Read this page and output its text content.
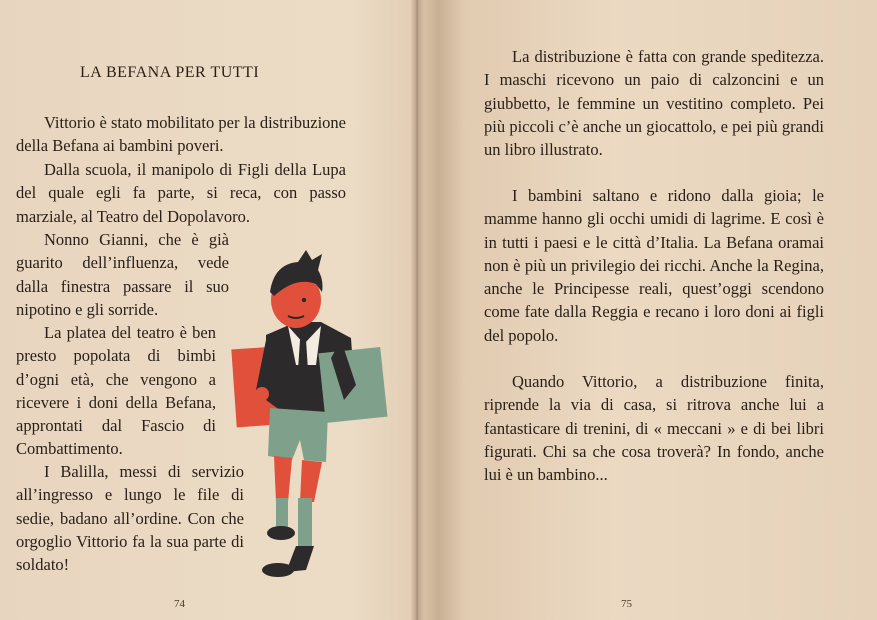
LA BEFANA PER TUTTI

Vittorio è stato mobilitato per la distribuzione della Befana ai bambini poveri.

Dalla scuola, il manipolo di Figli della Lupa del quale egli fa parte, si reca, con passo marziale, al Teatro del Dopolavoro.

Nonno Gianni, che è già guarito dell’influenza, vede dalla finestra passare il suo nipotino e gli sorride.

La platea del teatro è ben presto popolata di bimbi d’ogni età, che vengono a ricevere i doni della Befana, approntati dal Fascio di Combattimento.

I Balilla, messi di servizio all’ingresso e lungo le file di sedie, badano all’ordine. Con che orgoglio Vittorio fa la sua parte di soldato!

74

La distribuzione è fatta con grande speditezza. I maschi ricevono un paio di calzoncini e un giubbetto, le femmine un vestitino completo. Pei più piccoli c’è anche un giocattolo, e pei più grandi un libro illustrato.

I bambini saltano e ridono dalla gioia; le mamme hanno gli occhi umidi di lagrime. E così è in tutti i paesi e le città d’Italia. La Befana oramai non è più un privilegio dei ricchi. Anche la Regina, anche le Principesse reali, quest’oggi scendono come fate dalla Reggia e recano i loro doni ai figli del popolo.

Quando Vittorio, a distribuzione finita, riprende la via di casa, si ritrova anche lui a fantasticare di trenini, di « meccani » e di bei libri figurati. Chi sa che cosa troverà? In fondo, anche lui è un bambino...

75
